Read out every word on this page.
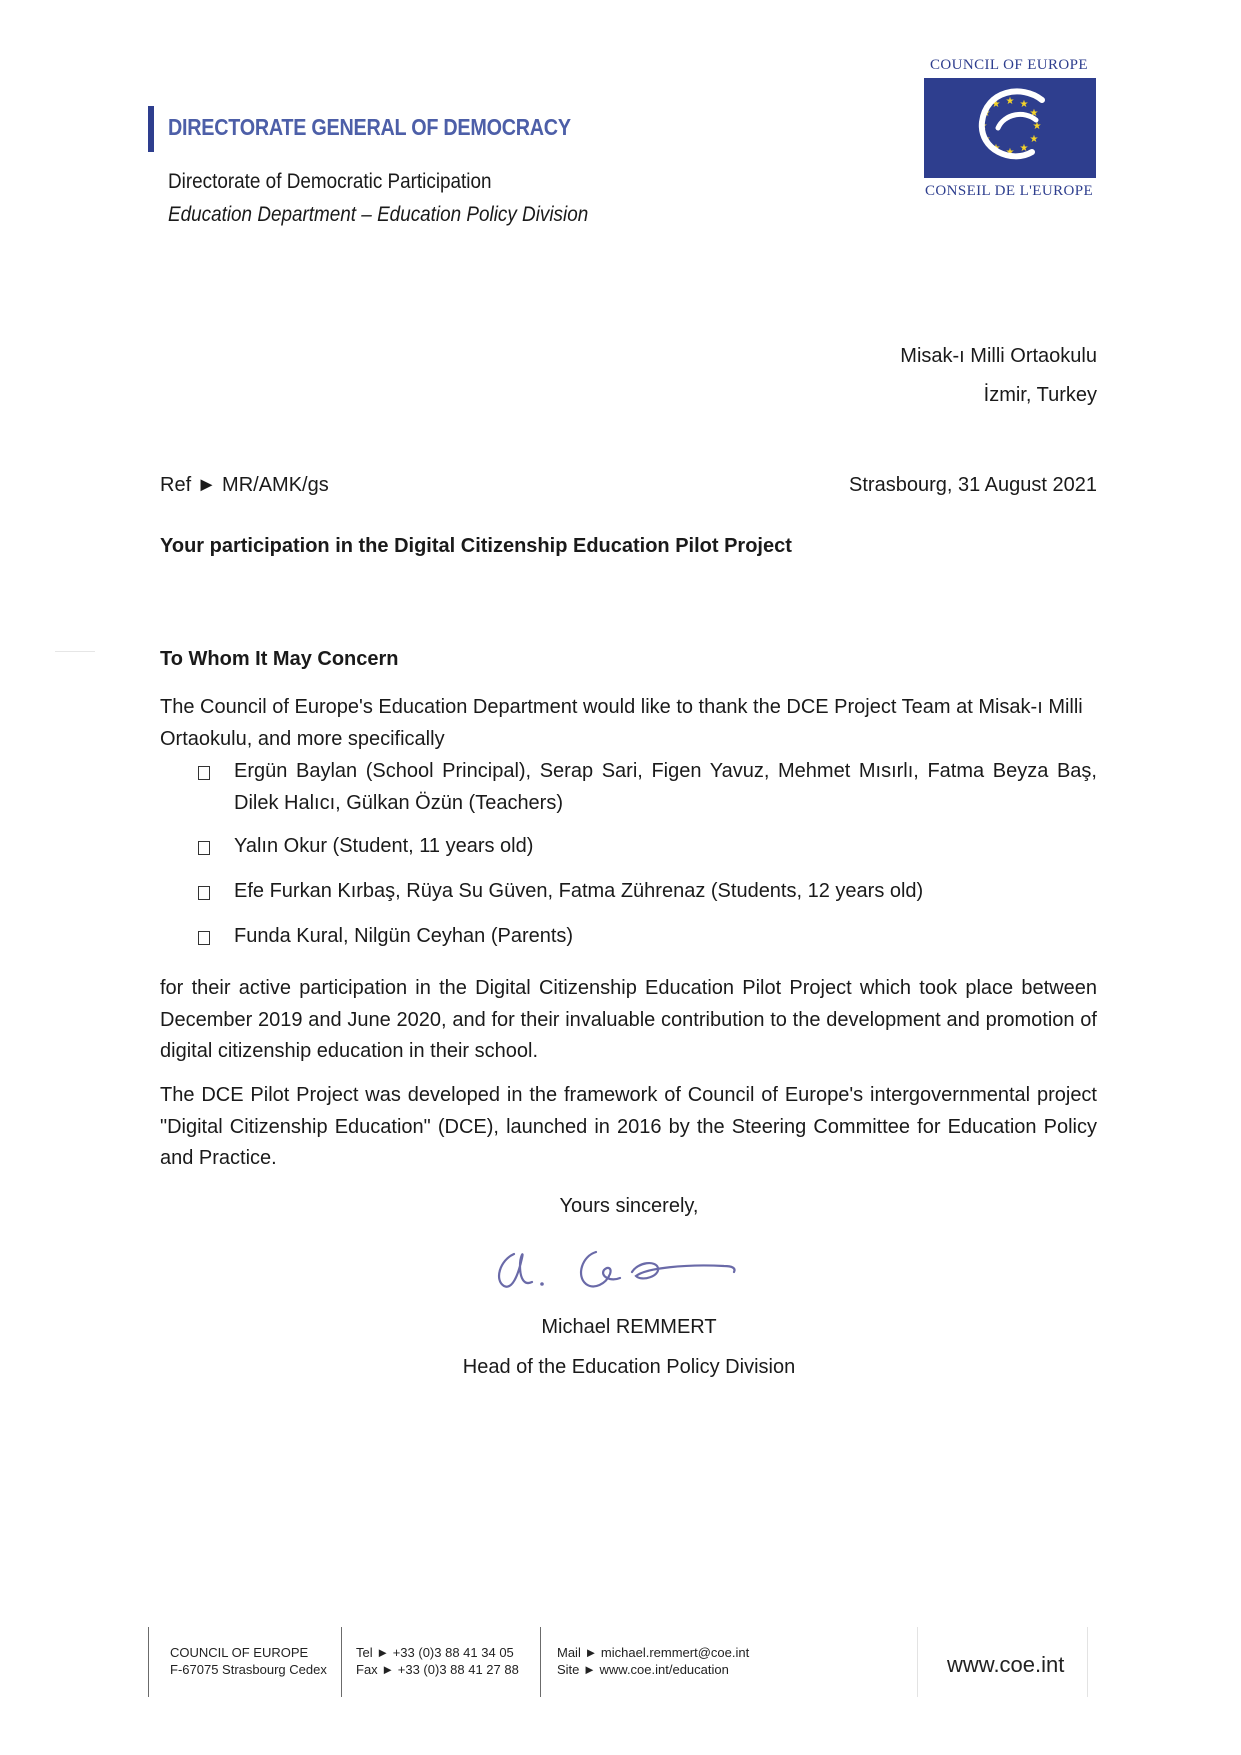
DIRECTORATE GENERAL OF DEMOCRACY
Directorate of Democratic Participation
Education Department – Education Policy Division
COUNCIL OF EUROPE
★ ★
★
★
★
★
★
★
★
★
★
★
CONSEIL DE L'EUROPE
Misak-ı Milli Ortaokulu
İzmir, Turkey
Ref ► MR/AMK/gs	Strasbourg, 31 August 2021
Your participation in the Digital Citizenship Education Pilot Project
To Whom It May Concern
The Council of Europe's Education Department would like to thank the DCE Project Team at Misak-ı Milli Ortaokulu, and more specifically
Ergün Baylan (School Principal), Serap Sari, Figen Yavuz, Mehmet Mısırlı, Fatma Beyza Baş, Dilek Halıcı, Gülkan Özün (Teachers)
Yalın Okur (Student, 11 years old)
Efe Furkan Kırbaş, Rüya Su Güven, Fatma Zührenaz (Students, 12 years old)
Funda Kural, Nilgün Ceyhan (Parents)
for their active participation in the Digital Citizenship Education Pilot Project which took place between December 2019 and June 2020, and for their invaluable contribution to the development and promotion of digital citizenship education in their school.
The DCE Pilot Project was developed in the framework of Council of Europe's intergovernmental project "Digital Citizenship Education" (DCE), launched in 2016 by the Steering Committee for Education Policy and Practice.
Yours sincerely,
Michael REMMERT
Head of the Education Policy Division
COUNCIL OF EUROPE
F-67075 Strasbourg Cedex
Tel ► +33 (0)3 88 41 34 05
Fax ► +33 (0)3 88 41 27 88
Mail ► michael.remmert@coe.int
Site ► www.coe.int/education	www.coe.int
